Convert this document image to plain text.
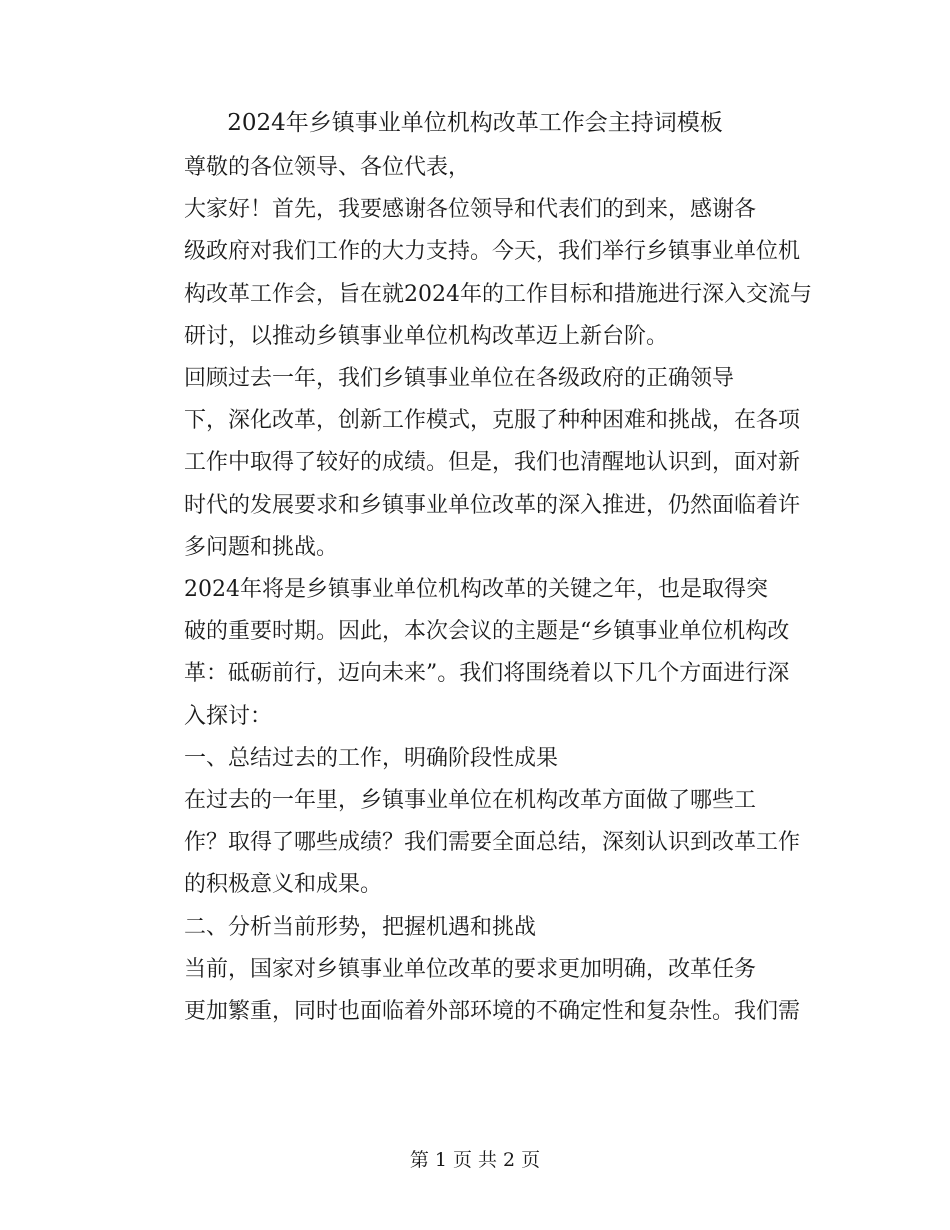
2024年乡镇事业单位机构改革工作会主持词模板

尊敬的各位领导、各位代表，

大家好！首先，我要感谢各位领导和代表们的到来，感谢各
级政府对我们工作的大力支持。今天，我们举行乡镇事业单位机
构改革工作会，旨在就2024年的工作目标和措施进行深入交流与
研讨，以推动乡镇事业单位机构改革迈上新台阶。

回顾过去一年，我们乡镇事业单位在各级政府的正确领导
下，深化改革，创新工作模式，克服了种种困难和挑战，在各项
工作中取得了较好的成绩。但是，我们也清醒地认识到，面对新
时代的发展要求和乡镇事业单位改革的深入推进，仍然面临着许
多问题和挑战。

2024年将是乡镇事业单位机构改革的关键之年，也是取得突
破的重要时期。因此，本次会议的主题是“乡镇事业单位机构改
革：砥砺前行，迈向未来”。我们将围绕着以下几个方面进行深
入探讨：

一、总结过去的工作，明确阶段性成果

在过去的一年里，乡镇事业单位在机构改革方面做了哪些工
作？取得了哪些成绩？我们需要全面总结，深刻认识到改革工作
的积极意义和成果。

二、分析当前形势，把握机遇和挑战

当前，国家对乡镇事业单位改革的要求更加明确，改革任务
更加繁重，同时也面临着外部环境的不确定性和复杂性。我们需

第 1 页 共 2 页
